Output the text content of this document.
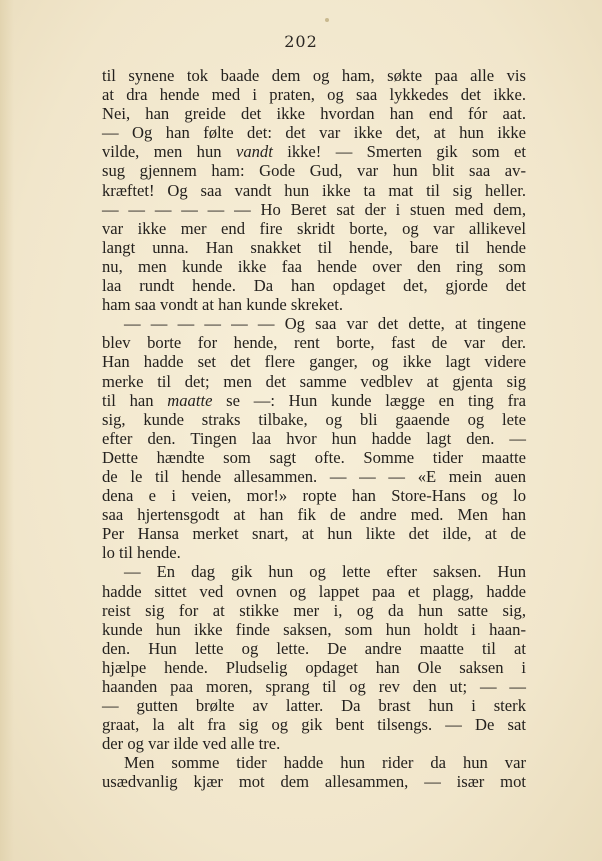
202
til synene tok baade dem og ham, søkte paa alle vis
at dra hende med i praten, og saa lykkedes det ikke.
Nei, han greide det ikke hvordan han end fór aat.
— Og han følte det: det var ikke det, at hun ikke
vilde, men hun vandt ikke! — Smerten gik som et
sug gjennem ham: Gode Gud, var hun blit saa av-
kræftet! Og saa vandt hun ikke ta mat til sig heller.
— — — — — — Ho Beret sat der i stuen med dem,
var ikke mer end fire skridt borte, og var allikevel
langt unna. Han snakket til hende, bare til hende
nu, men kunde ikke faa hende over den ring som
laa rundt hende. Da han opdaget det, gjorde det
ham saa vondt at han kunde skreket.
— — — — — — Og saa var det dette, at tingene
blev borte for hende, rent borte, fast de var der.
Han hadde set det flere ganger, og ikke lagt videre
merke til det; men det samme vedblev at gjenta sig
til han maatte se —: Hun kunde lægge en ting fra
sig, kunde straks tilbake, og bli gaaende og lete
efter den. Tingen laa hvor hun hadde lagt den. —
Dette hændte som sagt ofte. Somme tider maatte
de le til hende allesammen. — — — «E mein auen
dena e i veien, mor!» ropte han Store-Hans og lo
saa hjertensgodt at han fik de andre med. Men han
Per Hansa merket snart, at hun likte det ilde, at de
lo til hende.
— En dag gik hun og lette efter saksen. Hun
hadde sittet ved ovnen og lappet paa et plagg, hadde
reist sig for at stikke mer i, og da hun satte sig,
kunde hun ikke finde saksen, som hun holdt i haan-
den. Hun lette og lette. De andre maatte til at
hjælpe hende. Pludselig opdaget han Ole saksen i
haanden paa moren, sprang til og rev den ut; — —
— gutten brølte av latter. Da brast hun i sterk
graat, la alt fra sig og gik bent tilsengs. — De sat
der og var ilde ved alle tre.
Men somme tider hadde hun rider da hun var
usædvanlig kjær mot dem allesammen, — især mot
